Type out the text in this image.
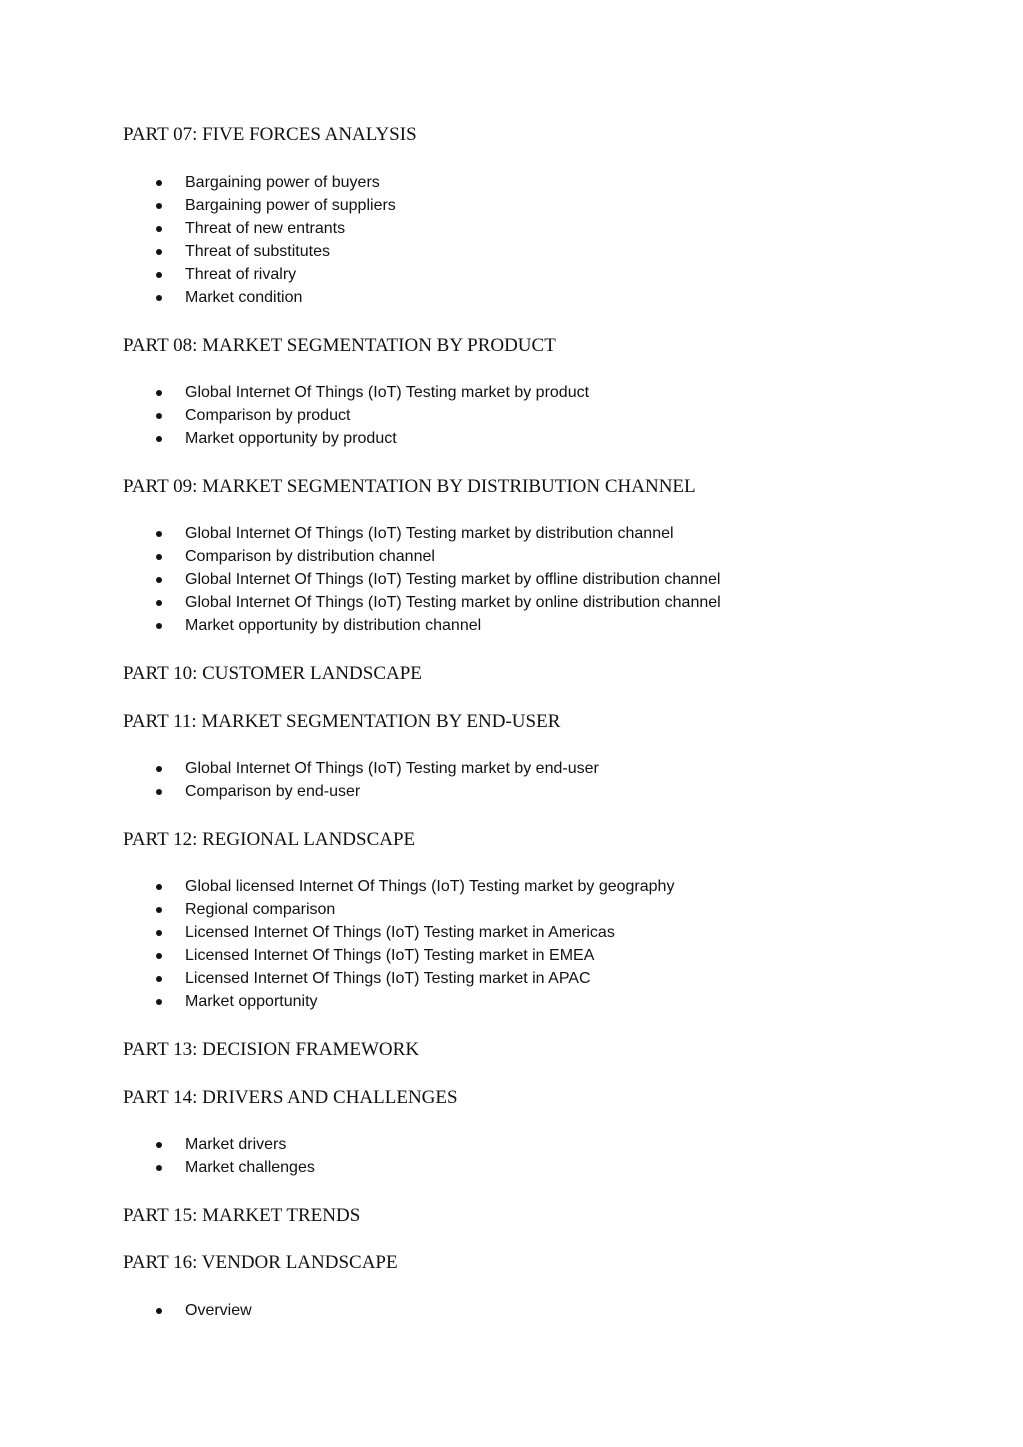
PART 07: FIVE FORCES ANALYSIS
Bargaining power of buyers
Bargaining power of suppliers
Threat of new entrants
Threat of substitutes
Threat of rivalry
Market condition
PART 08: MARKET SEGMENTATION BY PRODUCT
Global Internet Of Things (IoT) Testing market by product
Comparison by product
Market opportunity by product
PART 09: MARKET SEGMENTATION BY DISTRIBUTION CHANNEL
Global Internet Of Things (IoT) Testing market by distribution channel
Comparison by distribution channel
Global Internet Of Things (IoT) Testing market by offline distribution channel
Global Internet Of Things (IoT) Testing market by online distribution channel
Market opportunity by distribution channel
PART 10: CUSTOMER LANDSCAPE
PART 11: MARKET SEGMENTATION BY END-USER
Global Internet Of Things (IoT) Testing market by end-user
Comparison by end-user
PART 12: REGIONAL LANDSCAPE
Global licensed Internet Of Things (IoT) Testing market by geography
Regional comparison
Licensed Internet Of Things (IoT) Testing market in Americas
Licensed Internet Of Things (IoT) Testing market in EMEA
Licensed Internet Of Things (IoT) Testing market in APAC
Market opportunity
PART 13: DECISION FRAMEWORK
PART 14: DRIVERS AND CHALLENGES
Market drivers
Market challenges
PART 15: MARKET TRENDS
PART 16: VENDOR LANDSCAPE
Overview
